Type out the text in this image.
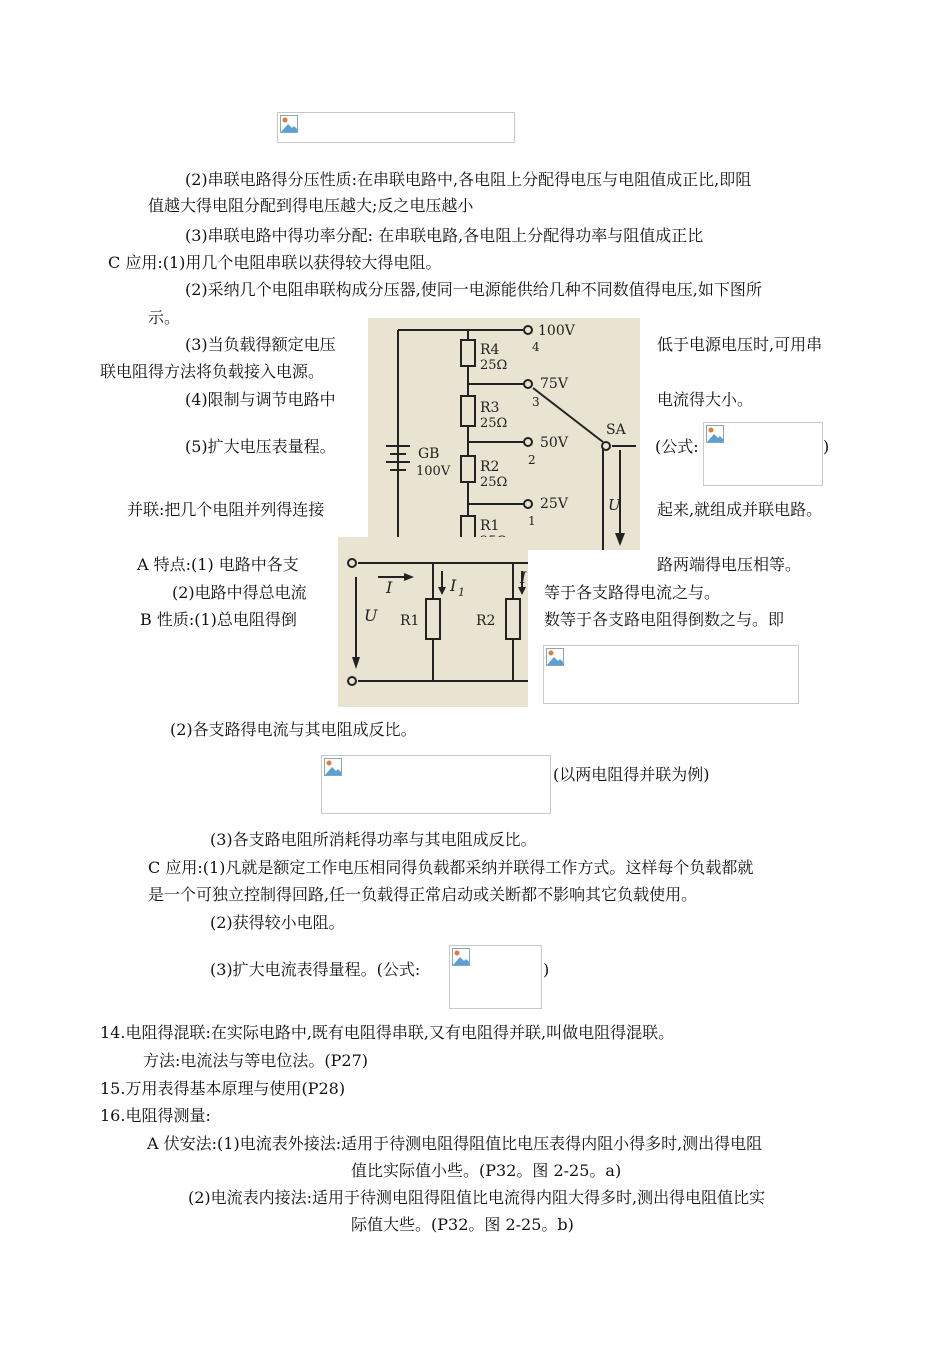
(2)串联电路得分压性质:在串联电路中,各电阻上分配得电压与电阻值成正比,即阻
值越大得电阻分配到得电压越大;反之电压越小
(3)串联电路中得功率分配: 在串联电路,各电阻上分配得功率与阻值成正比
C 应用:(1)用几个电阻串联以获得较大得电阻。
(2)采纳几个电阻串联构成分压器,使同一电源能供给几种不同数值得电压,如下图所
示。
(3)当负载得额定电压	低于电源电压时,可用串
联电阻得方法将负载接入电源。
(4)限制与调节电路中	电流得大小。
(5)扩大电压表量程。	(公式:	)
并联:把几个电阻并列得连接	起来,就组成并联电路。
A 特点:(1) 电路中各支	路两端得电压相等。
(2)电路中得总电流	等于各支路得电流之与。
B 性质:(1)总电阻得倒	数等于各支路电阻得倒数之与。即
R4
25Ω
R3
25Ω
R2
25Ω
R1
100V
4
75V
3
50V
2
25V
1
GB
100V
SA
U
I	I 1
I
U R1	R2
(2)各支路得电流与其电阻成反比。
(以两电阻得并联为例)
(3)各支路电阻所消耗得功率与其电阻成反比。
C 应用:(1)凡就是额定工作电压相同得负载都采纳并联得工作方式。这样每个负载都就
是一个可独立控制得回路,任一负载得正常启动或关断都不影响其它负载使用。
(2)获得较小电阻。
(3)扩大电流表得量程。(公式:	)
14.电阻得混联:在实际电路中,既有电阻得串联,又有电阻得并联,叫做电阻得混联。
方法:电流法与等电位法。(P27)
15.万用表得基本原理与使用(P28)
16.电阻得测量:
A 伏安法:(1)电流表外接法:适用于待测电阻得阻值比电压表得内阻小得多时,测出得电阻
值比实际值小些。(P32。图 2-25。a)
(2)电流表内接法:适用于待测电阻得阻值比电流得内阻大得多时,测出得电阻值比实
际值大些。(P32。图 2-25。b)
